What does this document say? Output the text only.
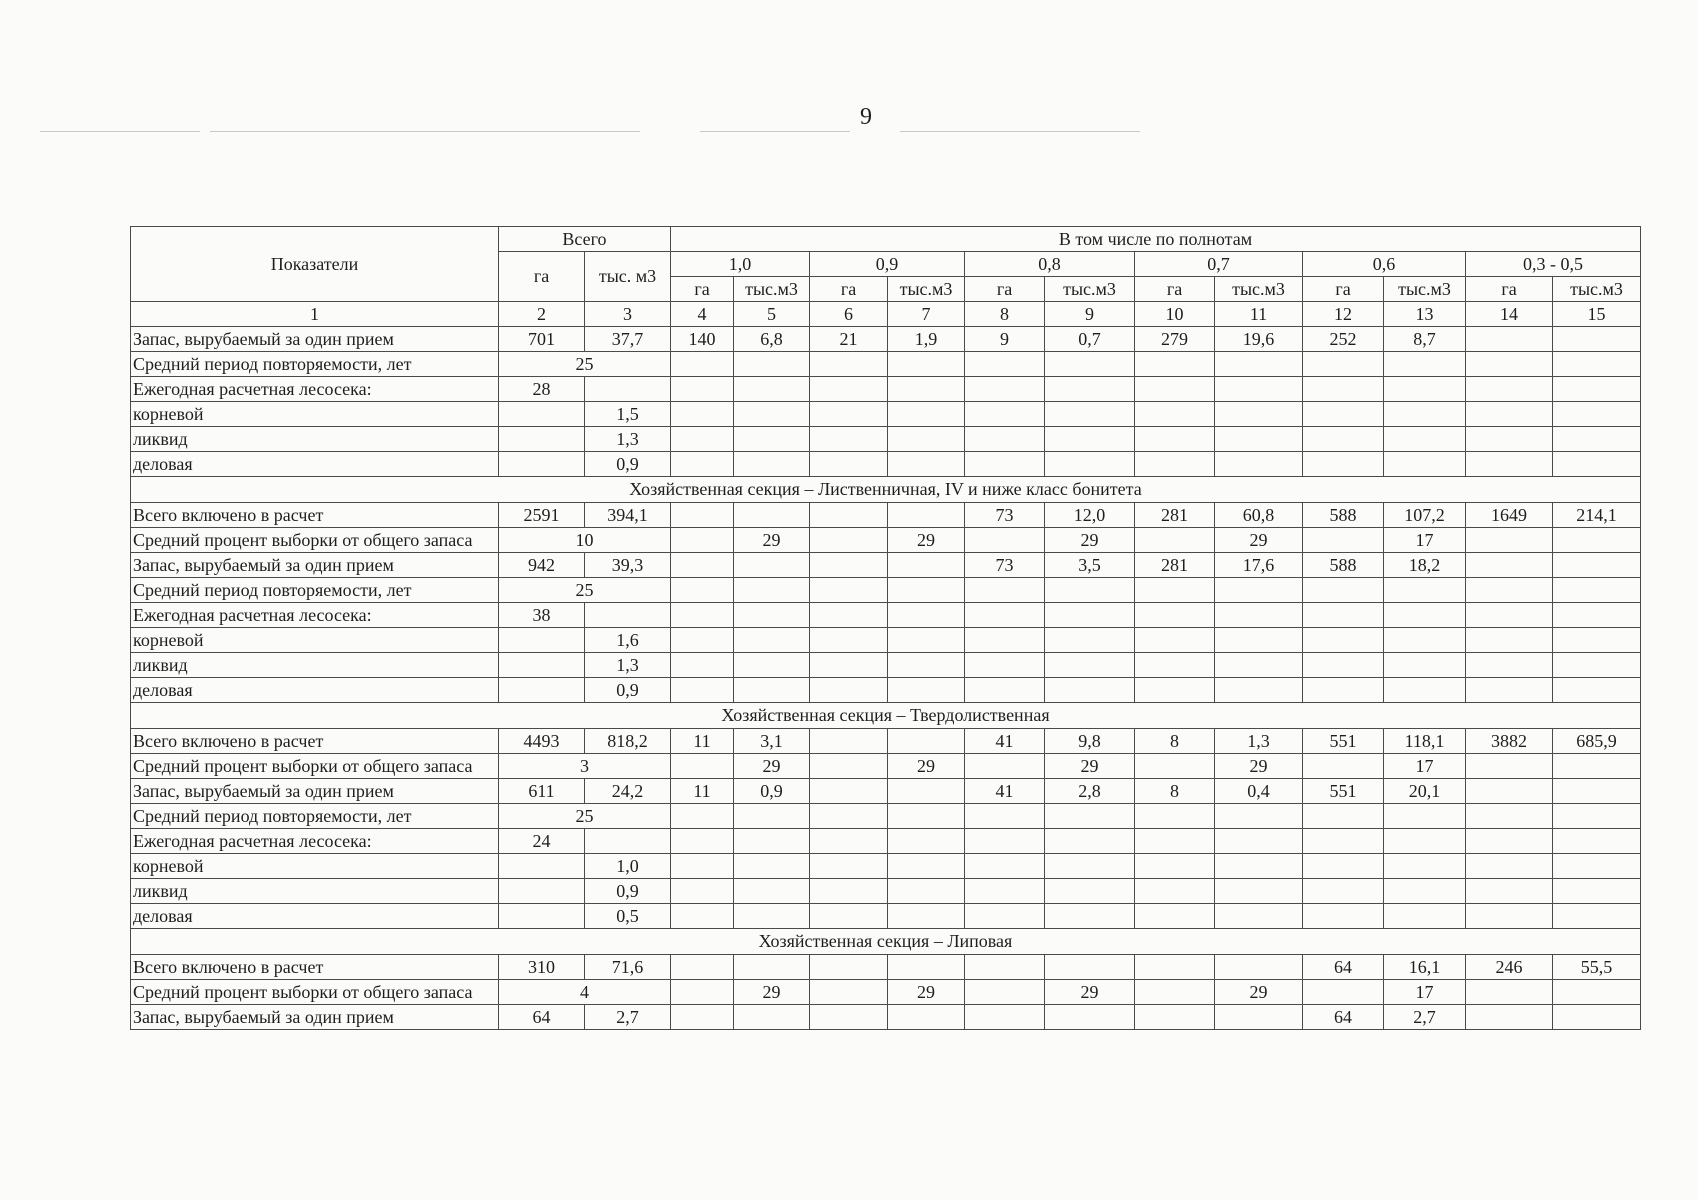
9
Показатели	Всего		В том числе по полнотам											
	га	тыс. м3	1,0		0,9		0,8		0,7		0,6		0,3 - 0,5	
			га	тыс.м3	га	тыс.м3	га	тыс.м3	га	тыс.м3	га	тыс.м3	га	тыс.м3
1	2	3	4	5	6	7	8	9	10	11	12	13	14	15
Запас, вырубаемый за один прием	701	37,7	140	6,8	21	1,9	9	0,7	279	19,6	252	8,7		
Средний период повторяемости, лет	25													
Ежегодная расчетная лесосека:	28													
корневой		1,5												
ликвид		1,3												
деловая		0,9												
Хозяйственная секция – Лиственничная, IV и ниже класс бонитета														
Всего включено в расчет	2591	394,1					73	12,0	281	60,8	588	107,2	1649	214,1
Средний процент выборки от общего запаса	10			29		29		29		29		17		
Запас, вырубаемый за один прием	942	39,3					73	3,5	281	17,6	588	18,2		
Средний период повторяемости, лет	25													
Ежегодная расчетная лесосека:	38													
корневой		1,6												
ликвид		1,3												
деловая		0,9												
Хозяйственная секция – Твердолиственная														
Всего включено в расчет	4493	818,2	11	3,1			41	9,8	8	1,3	551	118,1	3882	685,9
Средний процент выборки от общего запаса	3			29		29		29		29		17		
Запас, вырубаемый за один прием	611	24,2	11	0,9			41	2,8	8	0,4	551	20,1		
Средний период повторяемости, лет	25													
Ежегодная расчетная лесосека:	24													
корневой		1,0												
ликвид		0,9												
деловая		0,5												
Хозяйственная секция – Липовая														
Всего включено в расчет	310	71,6									64	16,1	246	55,5
Средний процент выборки от общего запаса	4			29		29		29		29		17		
Запас, вырубаемый за один прием	64	2,7									64	2,7		
